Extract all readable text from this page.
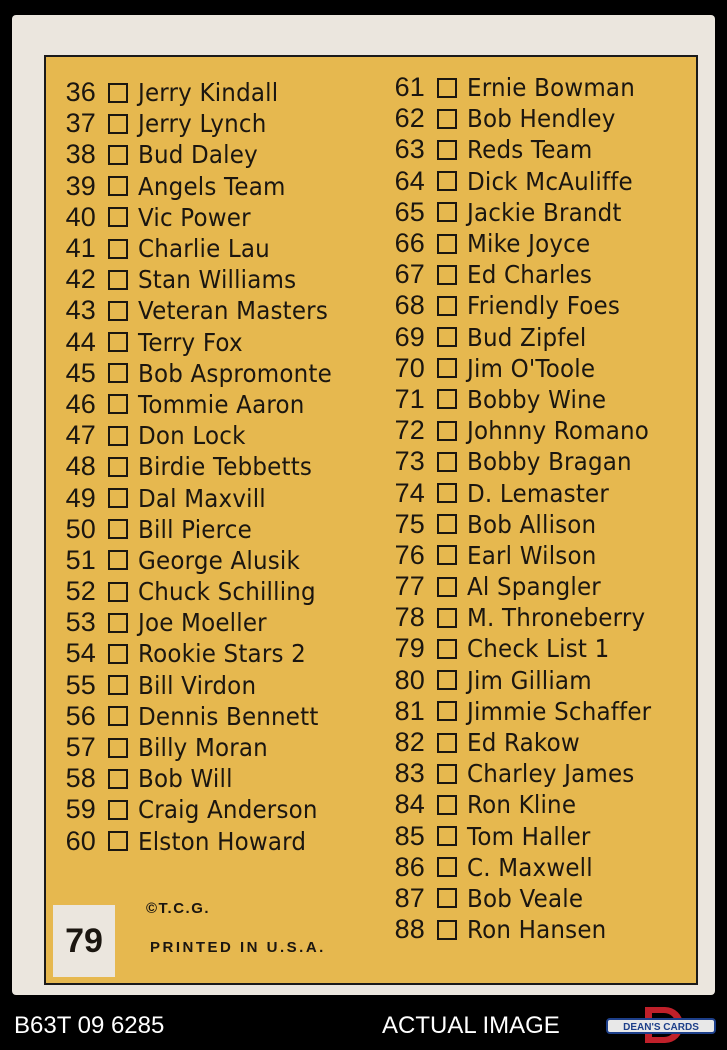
36 Jerry Kindall
37 Jerry Lynch
38 Bud Daley
39 Angels Team
40 Vic Power
41 Charlie Lau
42 Stan Williams
43 Veteran Masters
44 Terry Fox
45 Bob Aspromonte
46 Tommie Aaron
47 Don Lock
48 Birdie Tebbetts
49 Dal Maxvill
50 Bill Pierce
51 George Alusik
52 Chuck Schilling
53 Joe Moeller
54 Rookie Stars 2
55 Bill Virdon
56 Dennis Bennett
57 Billy Moran
58 Bob Will
59 Craig Anderson
60 Elston Howard
61 Ernie Bowman
62 Bob Hendley
63 Reds Team
64 Dick McAuliffe
65 Jackie Brandt
66 Mike Joyce
67 Ed Charles
68 Friendly Foes
69 Bud Zipfel
70 Jim O'Toole
71 Bobby Wine
72 Johnny Romano
73 Bobby Bragan
74 D. Lemaster
75 Bob Allison
76 Earl Wilson
77 Al Spangler
78 M. Throneberry
79 Check List 1
80 Jim Gilliam
81 Jimmie Schaffer
82 Ed Rakow
83 Charley James
84 Ron Kline
85 Tom Haller
86 C. Maxwell
87 Bob Veale
88 Ron Hansen
79
©T.C.G.
PRINTED IN U.S.A.
B63T 09 6285	ACTUAL IMAGE	DEAN'S CARDS
